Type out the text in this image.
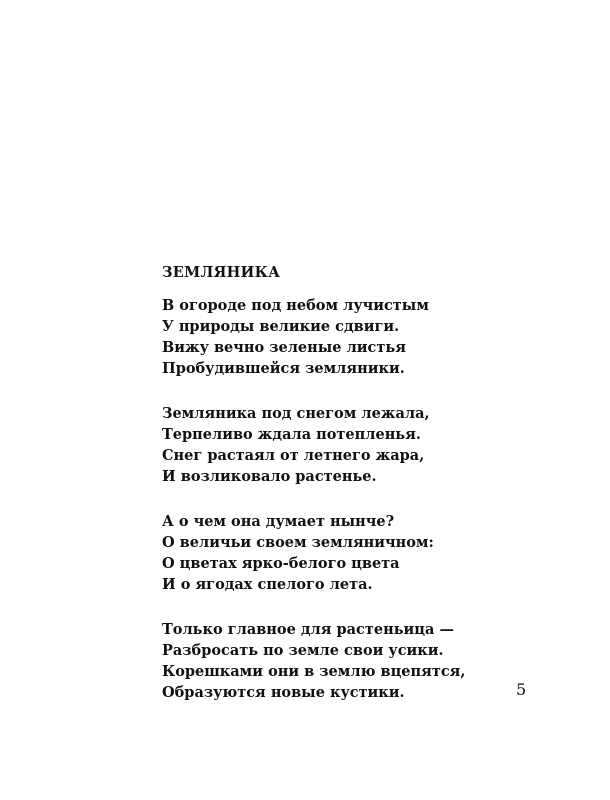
ЗЕМЛЯНИКА
В огороде под небом лучистым
У природы великие сдвиги.
Вижу вечно зеленые листья
Пробудившейся земляники.
Земляника под снегом лежала,
Терпеливо ждала потепленья.
Снег растаял от летнего жара,
И возликовало растенье.
А о чем она думает нынче?
О величьи своем земляничном:
О цветах ярко-белого цвета
И о ягодах спелого лета.
Только главное для растеньица —
Разбросать по земле свои усики.
Корешками они в землю вцепятся,
Образуются новые кустики.	5
